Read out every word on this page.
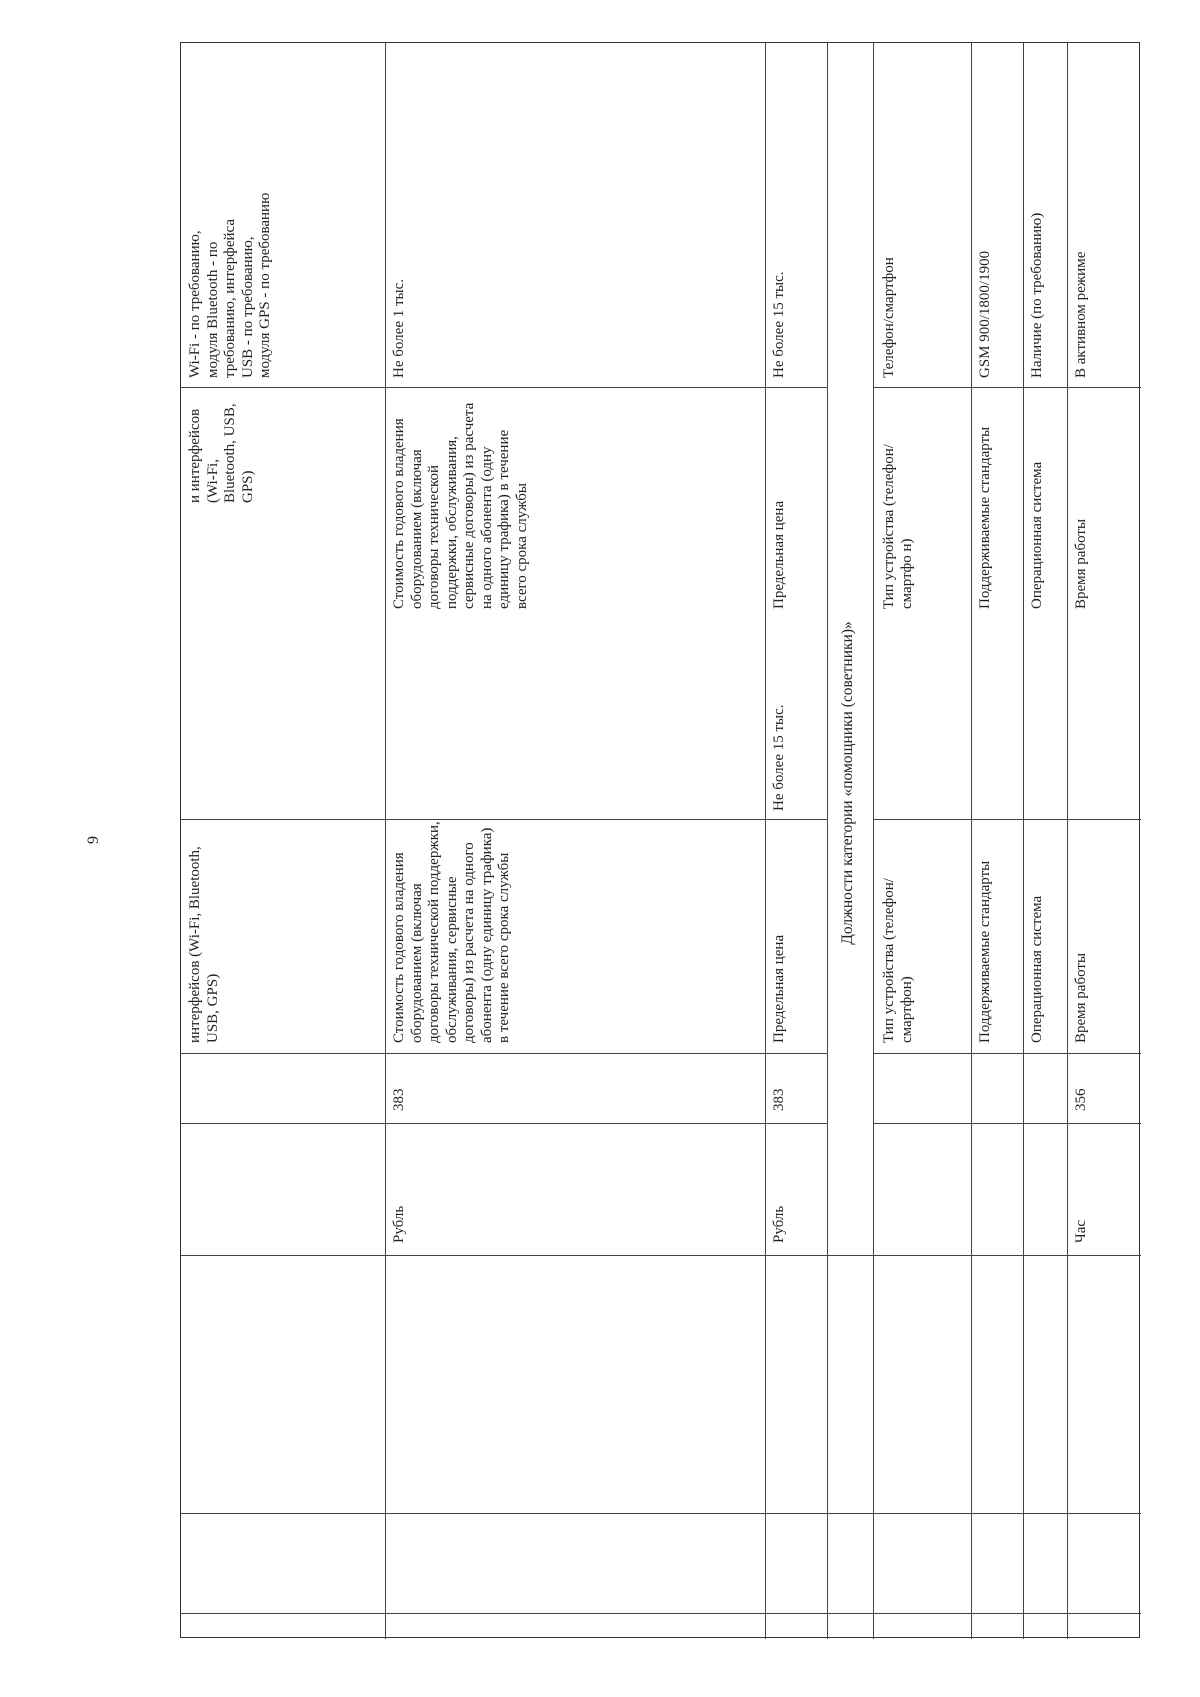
9
интерфейсов (Wi-Fi, Bluetooth, USB, GPS)
и интерфейсов (Wi-Fi, Bluetooth, USB, GPS)
Wi-Fi - по требованию, модуля Bluetooth - по требованию, интерфейса USB - по требованию, модуля GPS - по требованию
383
Рубль
Стоимость годового владения оборудованием (включая договоры технической поддержки, обслуживания, сервисные договоры) из расчета на одного абонента (одну единицу трафика) в течение всего срока службы
Стоимость годового владения оборудованием (включая договоры технической поддержки, обслуживания, сервисные договоры) из расчета на одного абонента (одну единицу трафика) в течение всего срока службы
Не более 1 тыс.
383
Рубль
Предельная цена
Не более 15 тыс.
Предельная цена
Не более 15 тыс.
Должности категории «помощники (советники)»
Тип устройства (телефон/смартфон)
Тип устройства (телефон/смартфо н)
Телефон/смартфон
Поддерживаемые стандарты
Поддерживаемые стандарты
GSM 900/1800/1900
Операционная система
Операционная система
Наличие (по требованию)
356
Час
Время работы
Время работы
В активном режиме
